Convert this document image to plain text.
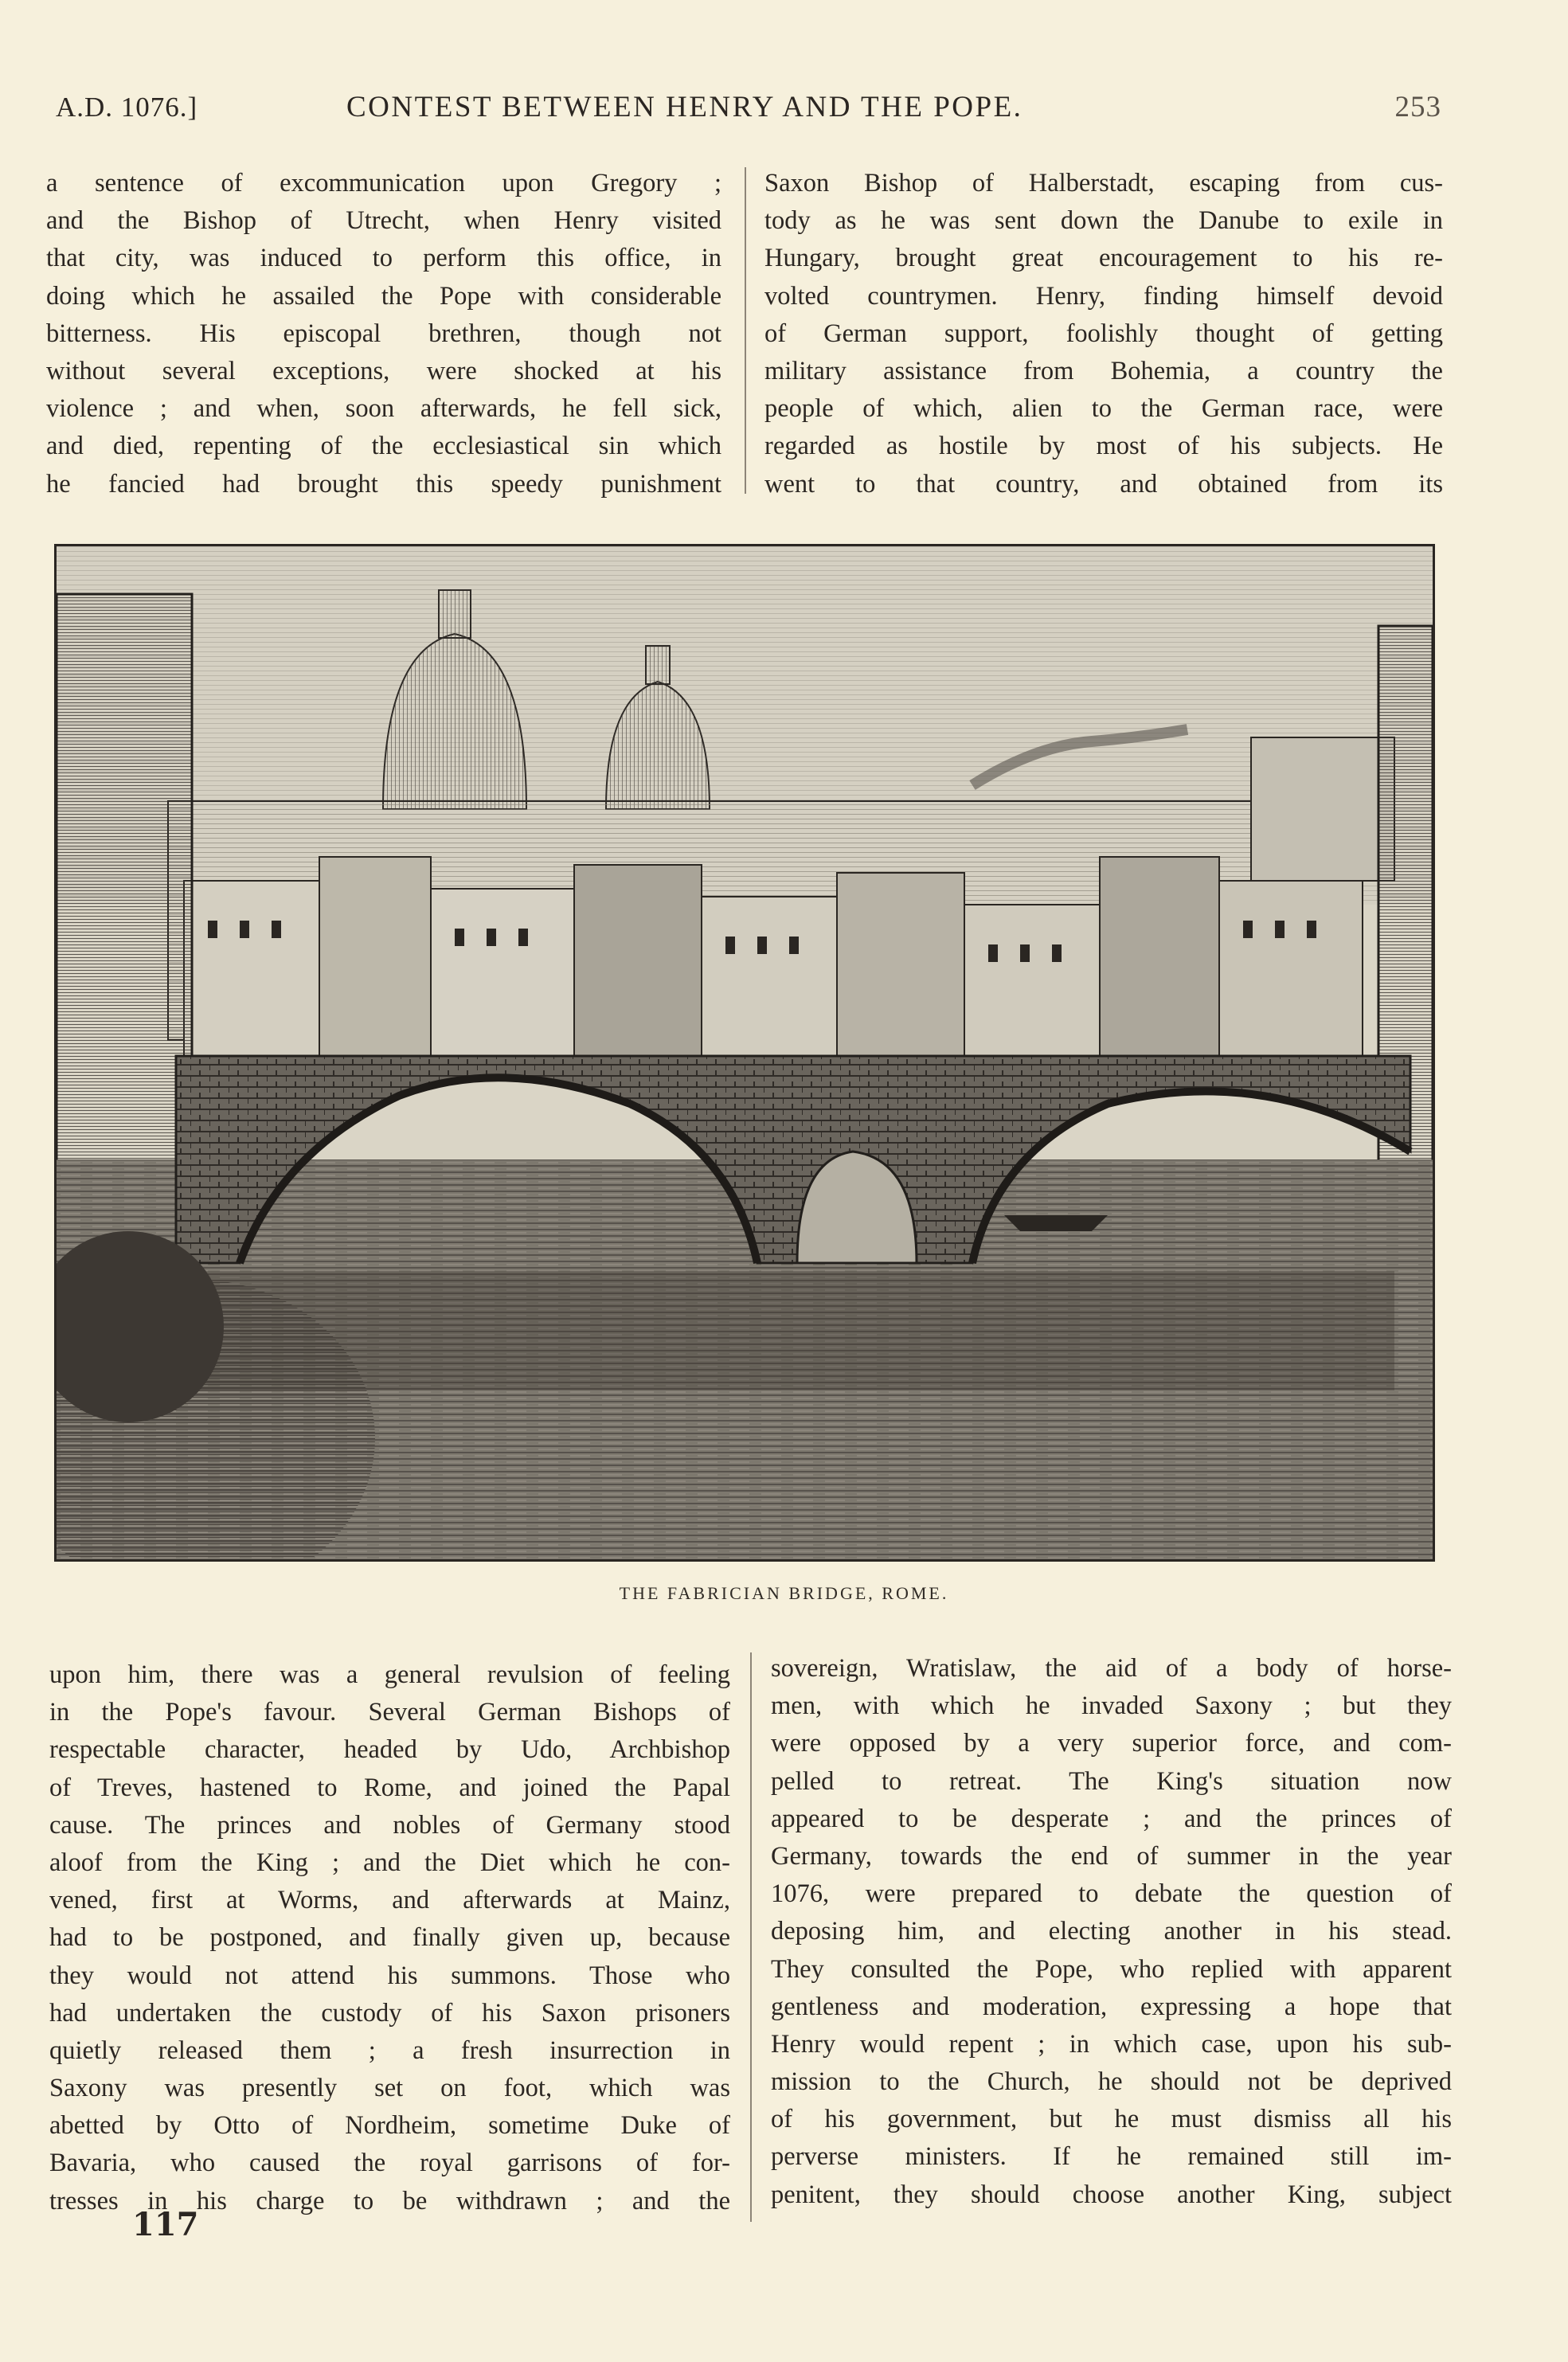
A.D. 1076.]	CONTEST BETWEEN HENRY AND THE POPE.	253
a sentence of excommunication upon Gregory ;
and the Bishop of Utrecht, when Henry visited
that city, was induced to perform this office, in
doing which he assailed the Pope with considerable
bitterness. His episcopal brethren, though not
without several exceptions, were shocked at his
violence ; and when, soon afterwards, he fell sick,
and died, repenting of the ecclesiastical sin which
he fancied had brought this speedy punishment
Saxon Bishop of Halberstadt, escaping from cus-
tody as he was sent down the Danube to exile in
Hungary, brought great encouragement to his re-
volted countrymen. Henry, finding himself devoid
of German support, foolishly thought of getting
military assistance from Bohemia, a country the
people of which, alien to the German race, were
regarded as hostile by most of his subjects. He
went to that country, and obtained from its
THE FABRICIAN BRIDGE, ROME.
upon him, there was a general revulsion of feeling
in the Pope's favour. Several German Bishops of
respectable character, headed by Udo, Archbishop
of Treves, hastened to Rome, and joined the Papal
cause. The princes and nobles of Germany stood
aloof from the King ; and the Diet which he con-
vened, first at Worms, and afterwards at Mainz,
had to be postponed, and finally given up, because
they would not attend his summons. Those who
had undertaken the custody of his Saxon prisoners
quietly released them ; a fresh insurrection in
Saxony was presently set on foot, which was
abetted by Otto of Nordheim, sometime Duke of
Bavaria, who caused the royal garrisons of for-
tresses in his charge to be withdrawn ; and the
sovereign, Wratislaw, the aid of a body of horse-
men, with which he invaded Saxony ; but they
were opposed by a very superior force, and com-
pelled to retreat. The King's situation now
appeared to be desperate ; and the princes of
Germany, towards the end of summer in the year
1076, were prepared to debate the question of
deposing him, and electing another in his stead.
They consulted the Pope, who replied with apparent
gentleness and moderation, expressing a hope that
Henry would repent ; in which case, upon his sub-
mission to the Church, he should not be deprived
of his government, but he must dismiss all his
perverse ministers. If he remained still im-
penitent, they should choose another King, subject
117
